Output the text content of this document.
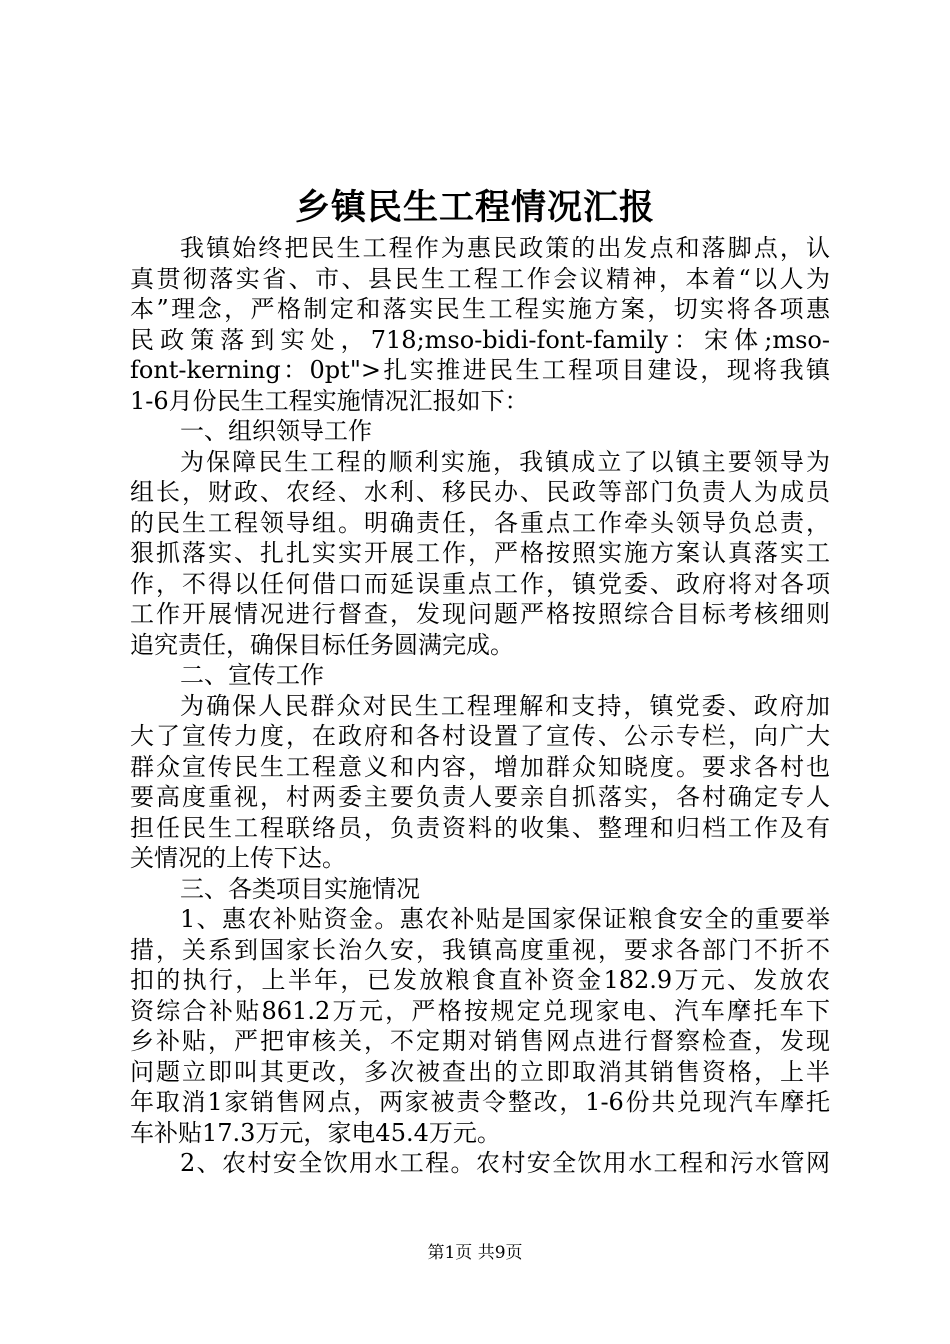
乡镇民生工程情况汇报
我镇始终把民生工程作为惠民政策的出发点和落脚点，认
真贯彻落实省、市、县民生工程工作会议精神，本着“以人为
本”理念，严格制定和落实民生工程实施方案，切实将各项惠
民政策落到实处，718;mso-bidi-font-family：宋体;mso-
font-kerning：0pt">扎实推进民生工程项目建设，现将我镇
1-6月份民生工程实施情况汇报如下：
一、组织领导工作
为保障民生工程的顺利实施，我镇成立了以镇主要领导为
组长，财政、农经、水利、移民办、民政等部门负责人为成员
的民生工程领导组。明确责任，各重点工作牵头领导负总责，
狠抓落实、扎扎实实开展工作，严格按照实施方案认真落实工
作，不得以任何借口而延误重点工作，镇党委、政府将对各项
工作开展情况进行督查，发现问题严格按照综合目标考核细则
追究责任，确保目标任务圆满完成。
二、宣传工作
为确保人民群众对民生工程理解和支持，镇党委、政府加
大了宣传力度，在政府和各村设置了宣传、公示专栏，向广大
群众宣传民生工程意义和内容，增加群众知晓度。要求各村也
要高度重视，村两委主要负责人要亲自抓落实，各村确定专人
担任民生工程联络员，负责资料的收集、整理和归档工作及有
关情况的上传下达。
三、各类项目实施情况
1、惠农补贴资金。惠农补贴是国家保证粮食安全的重要举
措，关系到国家长治久安，我镇高度重视，要求各部门不折不
扣的执行，上半年，已发放粮食直补资金182.9万元、发放农
资综合补贴861.2万元，严格按规定兑现家电、汽车摩托车下
乡补贴，严把审核关，不定期对销售网点进行督察检查，发现
问题立即叫其更改，多次被查出的立即取消其销售资格，上半
年取消1家销售网点，两家被责令整改，1-6份共兑现汽车摩托
车补贴17.3万元，家电45.4万元。
2、农村安全饮用水工程。农村安全饮用水工程和污水管网
第1页 共9页
